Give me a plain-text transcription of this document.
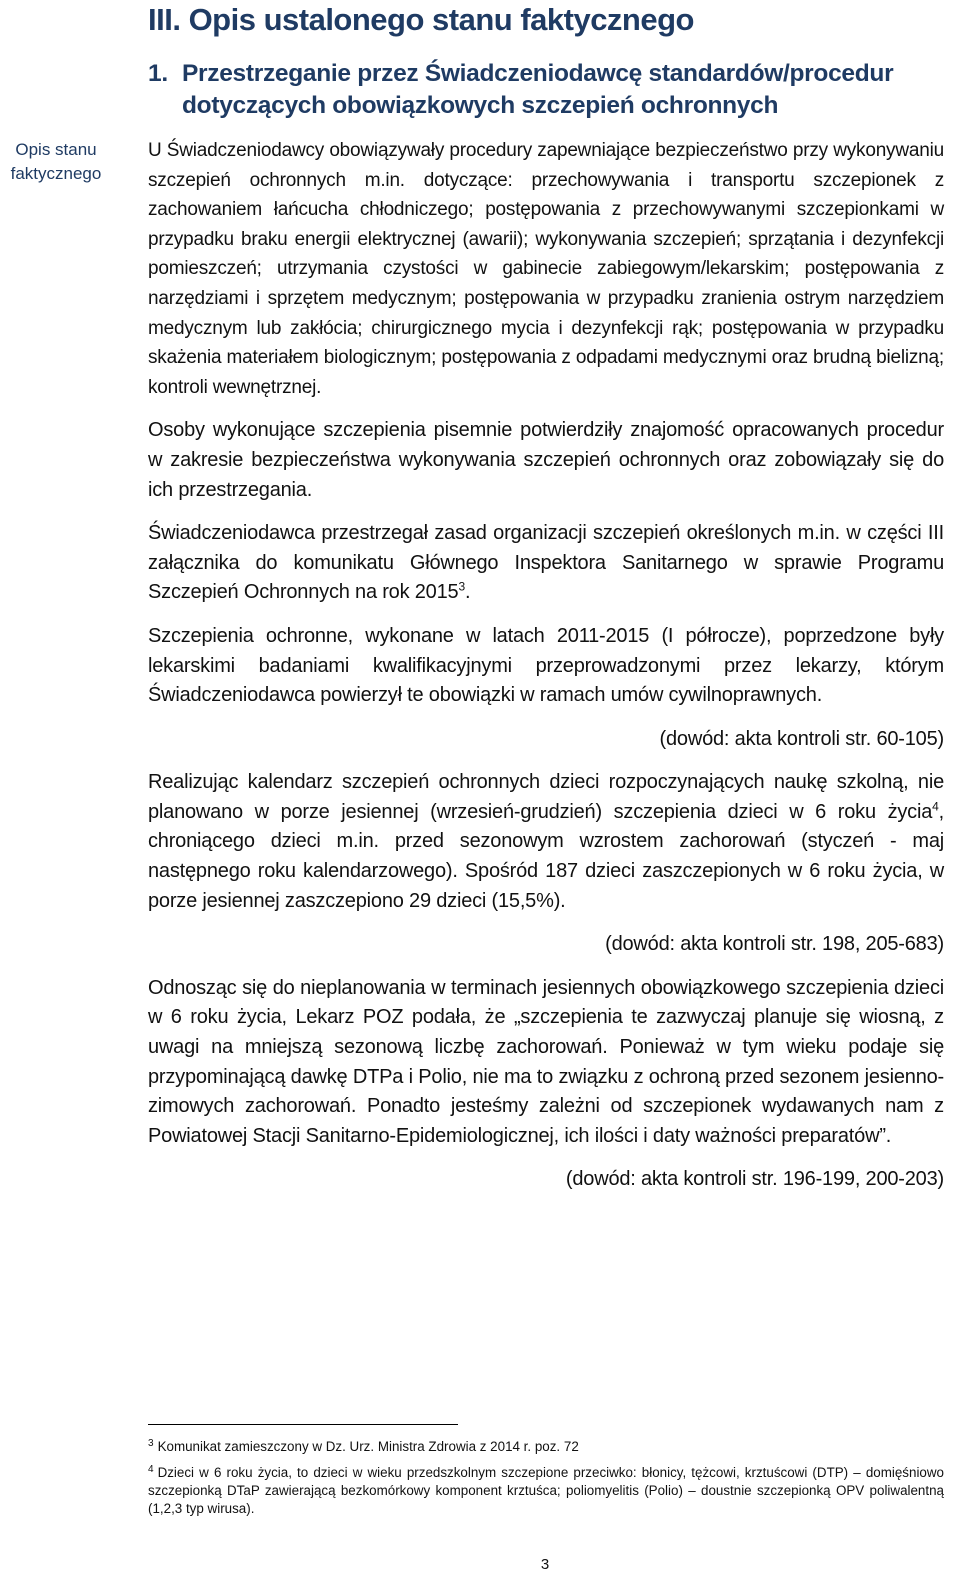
III. Opis ustalonego stanu faktycznego
1. Przestrzeganie przez Świadczeniodawcę standardów/procedur dotyczących obowiązkowych szczepień ochronnych
Opis stanu faktycznego

U Świadczeniodawcy obowiązywały procedury zapewniające bezpieczeństwo przy wykonywaniu szczepień ochronnych m.in. dotyczące: przechowywania i transportu szczepionek z zachowaniem łańcucha chłodniczego; postępowania z przechowywanymi szczepionkami w przypadku braku energii elektrycznej (awarii); wykonywania szczepień; sprzątania i dezynfekcji pomieszczeń; utrzymania czystości w gabinecie zabiegowym/lekarskim; postępowania z narzędziami i sprzętem medycznym; postępowania w przypadku zranienia ostrym narzędziem medycznym lub zakłócia; chirurgicznego mycia i dezynfekcji rąk; postępowania w przypadku skażenia materiałem biologicznym; postępowania z odpadami medycznymi oraz brudną bielizną; kontroli wewnętrznej.

Osoby wykonujące szczepienia pisemnie potwierdziły znajomość opracowanych procedur w zakresie bezpieczeństwa wykonywania szczepień ochronnych oraz zobowiązały się do ich przestrzegania.

Świadczeniodawca przestrzegał zasad organizacji szczepień określonych m.in. w części III załącznika do komunikatu Głównego Inspektora Sanitarnego w sprawie Programu Szczepień Ochronnych na rok 2015$^3$.

Szczepienia ochronne, wykonane w latach 2011-2015 (I półrocze), poprzedzone były lekarskimi badaniami kwalifikacyjnymi przeprowadzonymi przez lekarzy, którym Świadczeniodawca powierzył te obowiązki w ramach umów cywilnoprawnych.

(dowód: akta kontroli str. 60-105)

Realizując kalendarz szczepień ochronnych dzieci rozpoczynających naukę szkolną, nie planowano w porze jesiennej (wrzesień-grudzień) szczepienia dzieci w 6 roku życia$^4$, chroniącego dzieci m.in. przed sezonowym wzrostem zachorowań (styczeń - maj następnego roku kalendarzowego). Spośród 187 dzieci zaszczepionych w 6 roku życia, w porze jesiennej zaszczepiono 29 dzieci (15,5%).

(dowód: akta kontroli str. 198, 205-683)

Odnosząc się do nieplanowania w terminach jesiennych obowiązkowego szczepienia dzieci w 6 roku życia, Lekarz POZ podała, że „szczepienia te zazwyczaj planuje się wiosną, z uwagi na mniejszą sezonową liczbę zachorowań. Ponieważ w tym wieku podaje się przypominającą dawkę DTPa i Polio, nie ma to związku z ochroną przed sezonem jesienno-zimowych zachorowań. Ponadto jesteśmy zależni od szczepionek wydawanych nam z Powiatowej Stacji Sanitarno-Epidemiologicznej, ich ilości i daty ważności preparatów”.

(dowód: akta kontroli str. 196-199, 200-203)

$^3$ Komunikat zamieszczony w Dz. Urz. Ministra Zdrowia z 2014 r. poz. 72

$^4$ Dzieci w 6 roku życia, to dzieci w wieku przedszkolnym szczepione przeciwko: błonicy, tężcowi, krztuścowi (DTP) – domięśniowo szczepionką DTaP zawierającą bezkomórkowy komponent krztuśca; poliomyelitis (Polio) – doustnie szczepionką OPV poliwalentną (1,2,3 typ wirusa).

3
